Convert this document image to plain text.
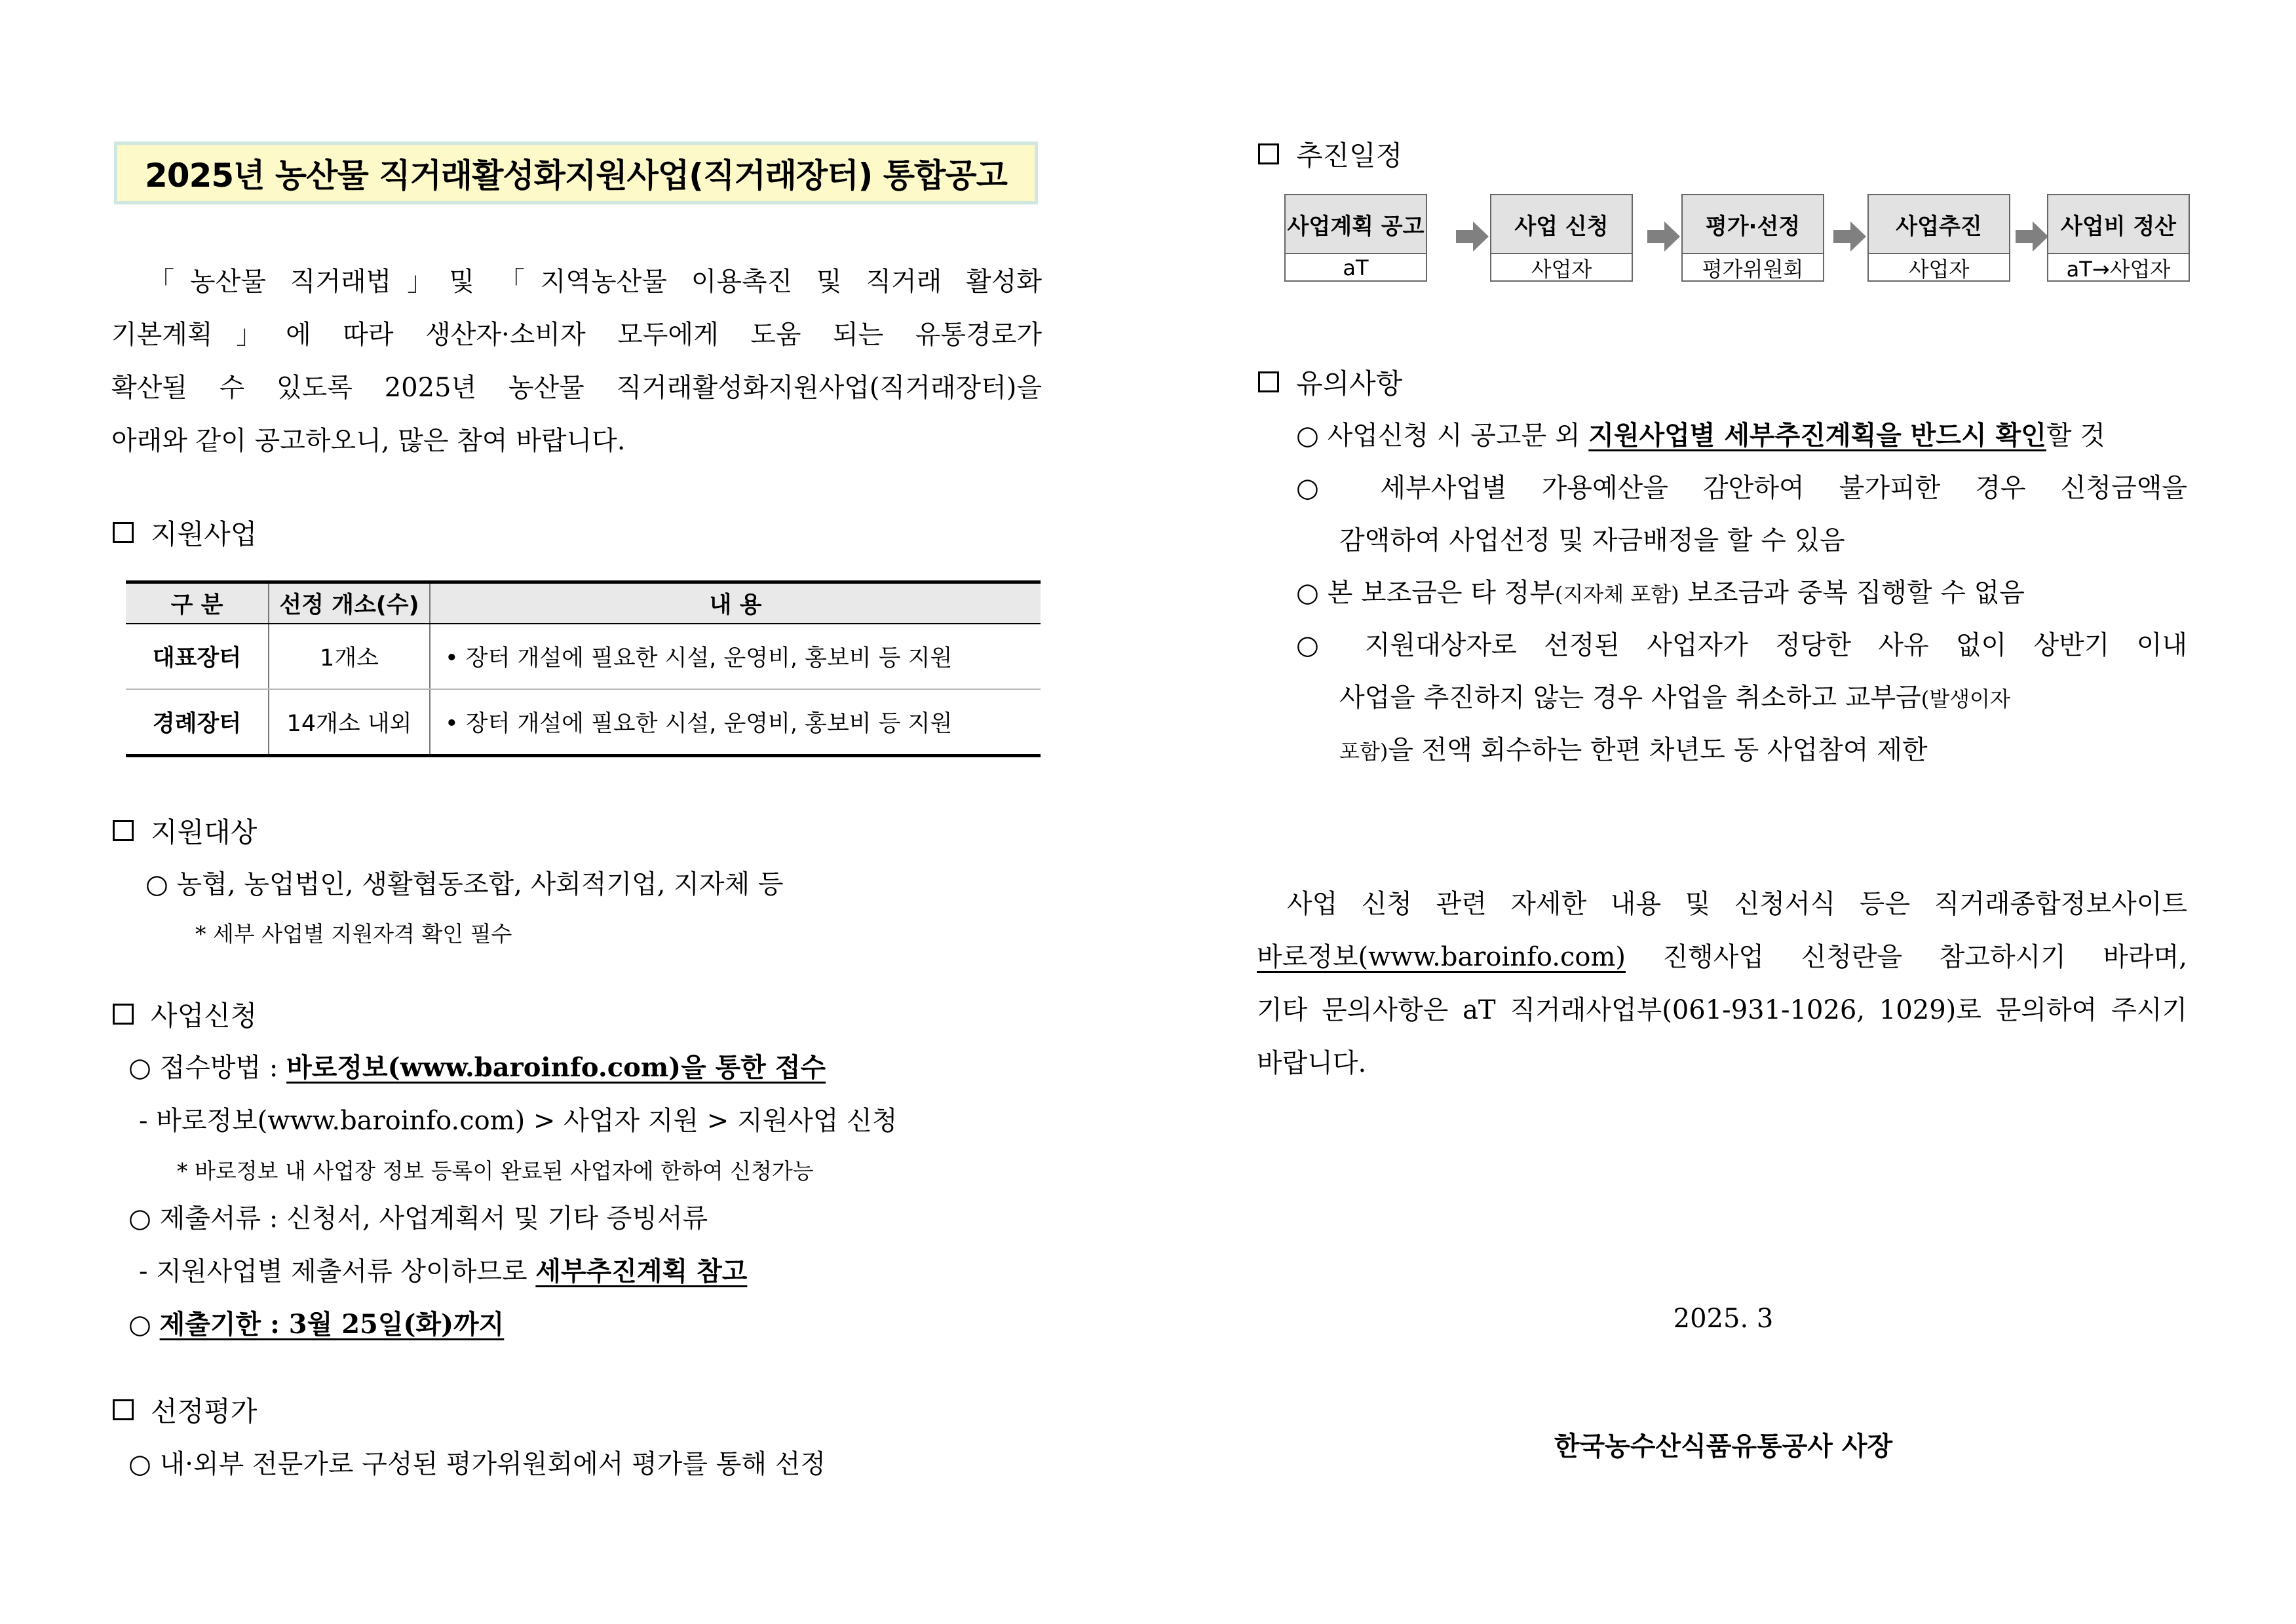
2025년 농산물 직거래활성화지원사업(직거래장터) 통합공고
「농산물 직거래법」및 「지역농산물 이용촉진 및 직거래 활성화
기본계획」에 따라 생산자·소비자 모두에게 도움 되는 유통경로가
확산될 수 있도록 2025년 농산물 직거래활성화지원사업(직거래장터)을
아래와 같이 공고하오니, 많은 참여 바랍니다.
지원사업
구 분	선정 개소(수)	내 용
대표장터	1개소	• 장터 개설에 필요한 시설, 운영비, 홍보비 등 지원
경례장터	14개소 내외	• 장터 개설에 필요한 시설, 운영비, 홍보비 등 지원
지원대상
○ 농협, 농업법인, 생활협동조합, 사회적기업, 지자체 등
* 세부 사업별 지원자격 확인 필수
사업신청
○ 접수방법 : 바로정보(www.baroinfo.com)을 통한 접수
- 바로정보(www.baroinfo.com) > 사업자 지원 > 지원사업 신청
* 바로정보 내 사업장 정보 등록이 완료된 사업자에 한하여 신청가능
○ 제출서류 : 신청서, 사업계획서 및 기타 증빙서류
- 지원사업별 제출서류 상이하므로 세부추진계획 참고
○ 제출기한 : 3월 25일(화)까지
선정평가
○ 내·외부 전문가로 구성된 평가위원회에서 평가를 통해 선정
추진일정
사업계획 공고
aT
사업 신청
사업자
평가·선정
평가위원회
사업추진
사업자
사업비 정산
aT→사업자
유의사항
○ 사업신청 시 공고문 외 지원사업별 세부추진계획을 반드시 확인할 것
○ 세부사업별 가용예산을 감안하여 불가피한 경우 신청금액을
감액하여 사업선정 및 자금배정을 할 수 있음
○ 본 보조금은 타 정부(지자체 포함) 보조금과 중복 집행할 수 없음
○ 지원대상자로 선정된 사업자가 정당한 사유 없이 상반기 이내
사업을 추진하지 않는 경우 사업을 취소하고 교부금(발생이자
포함)을 전액 회수하는 한편 차년도 동 사업참여 제한
사업 신청 관련 자세한 내용 및 신청서식 등은 직거래종합정보사이트
바로정보(www.baroinfo.com) 진행사업 신청란을 참고하시기 바라며,
기타 문의사항은 aT 직거래사업부(061-931-1026, 1029)로 문의하여 주시기
바랍니다.
2025. 3
한국농수산식품유통공사 사장
